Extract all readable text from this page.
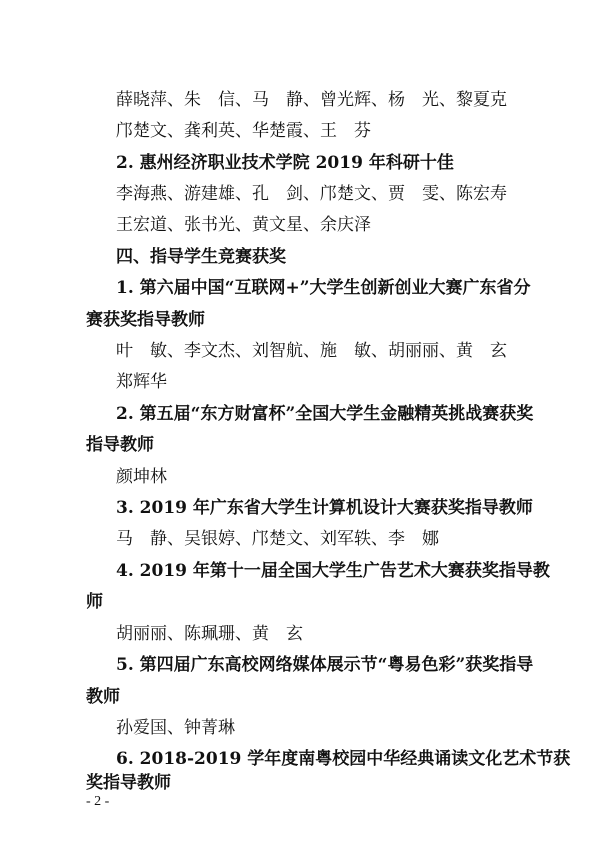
薛晓萍、朱　信、马　静、曾光辉、杨　光、黎夏克
邝楚文、龚利英、华楚霞、王　芬
2. 惠州经济职业技术学院 2019 年科研十佳
李海燕、游建雄、孔　剑、邝楚文、贾　雯、陈宏寿
王宏道、张书光、黄文星、余庆泽
四、指导学生竞赛获奖
1. 第六届中国“互联网+”大学生创新创业大赛广东省分
赛获奖指导教师
叶　敏、李文杰、刘智航、施　敏、胡丽丽、黄　玄
郑辉华
2. 第五届“东方财富杯”全国大学生金融精英挑战赛获奖
指导教师
颜坤林
3. 2019 年广东省大学生计算机设计大赛获奖指导教师
马　静、吴银婷、邝楚文、刘军轶、李　娜
4. 2019 年第十一届全国大学生广告艺术大赛获奖指导教
师
胡丽丽、陈珮珊、黄　玄
5. 第四届广东高校网络媒体展示节“粤易色彩”获奖指导
教师
孙爱国、钟菁琳
6. 2018-2019 学年度南粤校园中华经典诵读文化艺术节获
奖指导教师
- 2 -
